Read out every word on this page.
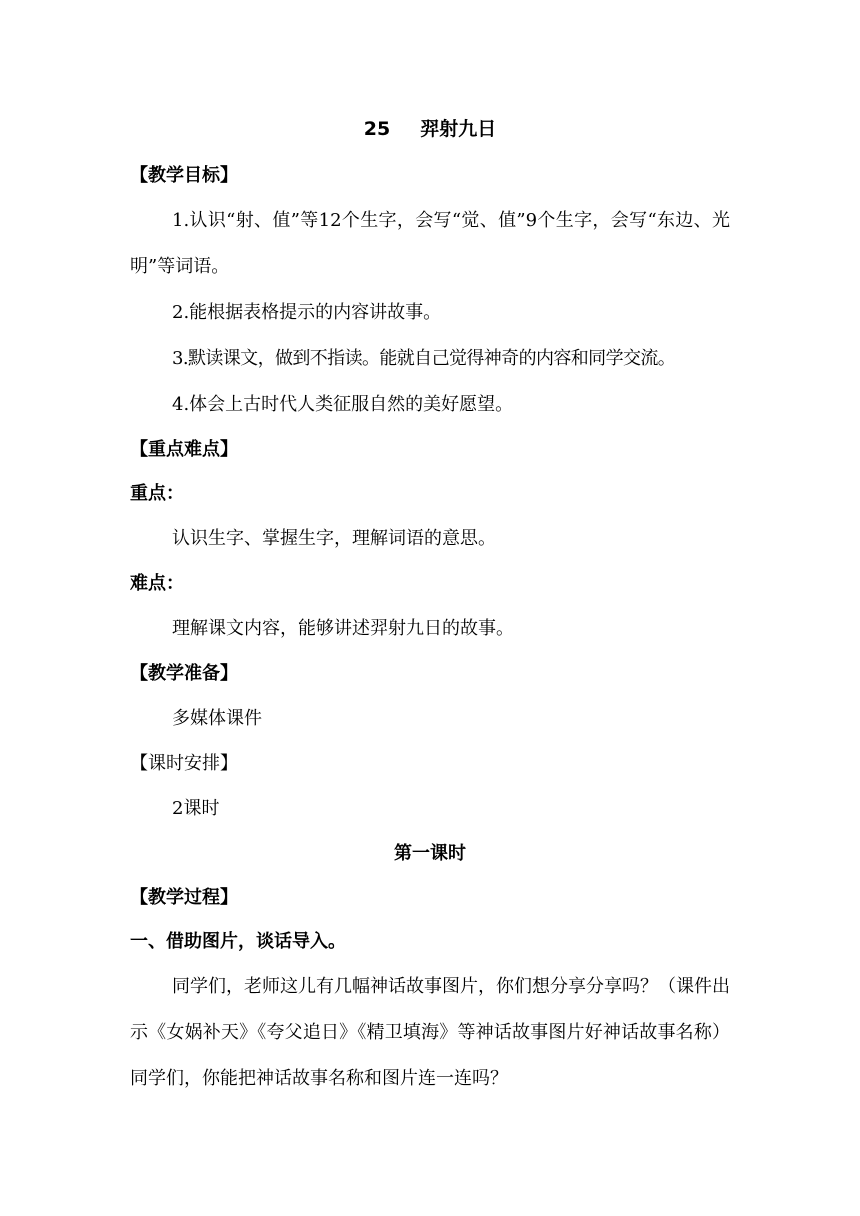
25 羿射九日
【教学目标】

1.认识“射、值”等12个生字，会写“觉、值”9个生字，会写“东边、光明”等词语。

2.能根据表格提示的内容讲故事。

3.默读课文，做到不指读。能就自己觉得神奇的内容和同学交流。

4.体会上古时代人类征服自然的美好愿望。

【重点难点】
重点：

认识生字、掌握生字，理解词语的意思。

难点：

理解课文内容，能够讲述羿射九日的故事。

【教学准备】

多媒体课件

【课时安排】

2课时

第一课时
【教学过程】
一、借助图片，谈话导入。

同学们，老师这儿有几幅神话故事图片，你们想分享分享吗？（课件出示《女娲补天》《夸父追日》《精卫填海》等神话故事图片好神话故事名称）同学们，你能把神话故事名称和图片连一连吗？
